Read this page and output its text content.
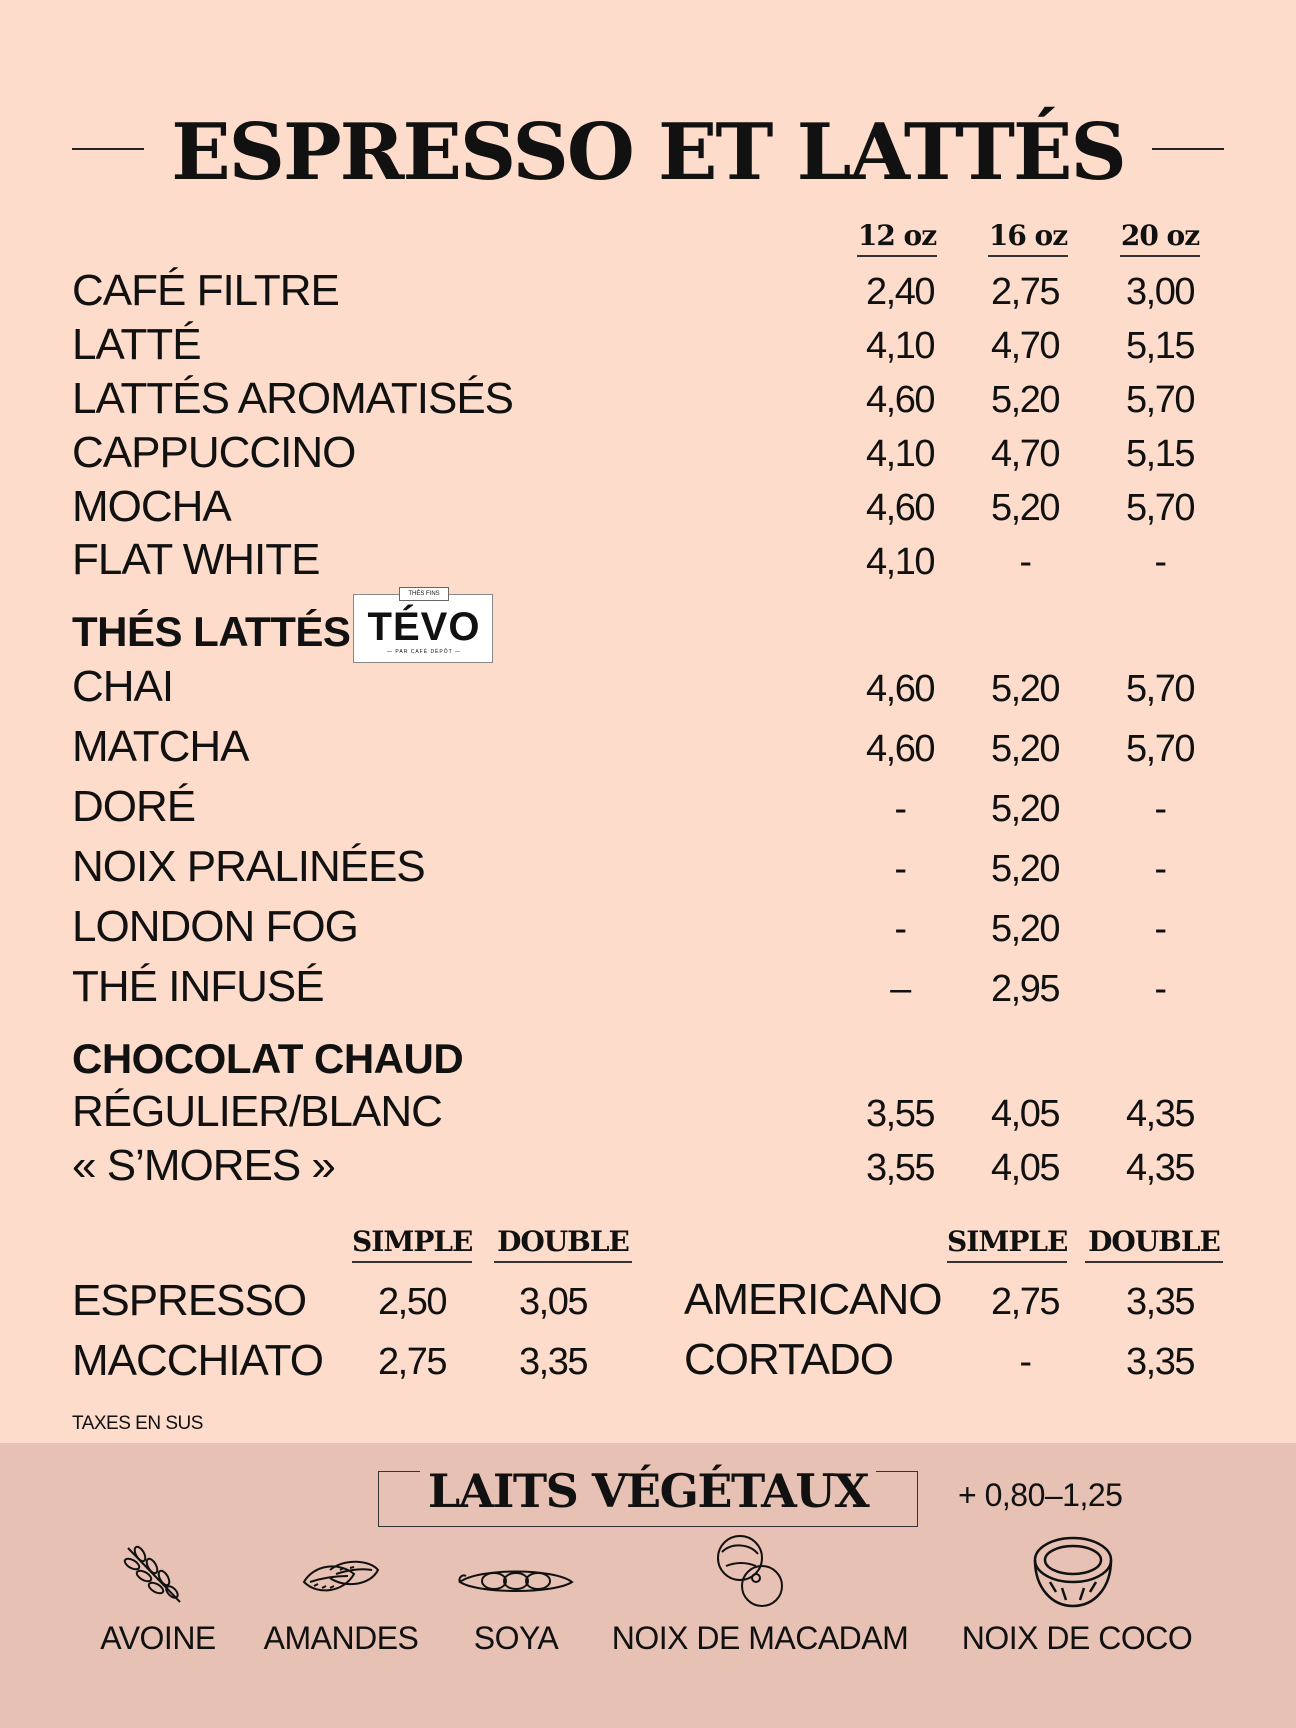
ESPRESSO ET LATTÉS
12 oz 16 oz 20 oz
CAFÉ FILTRE	2,40	2,75	3,00
LATTÉ	4,10	4,70	5,15
LATTÉS AROMATISÉS	4,60	5,20	5,70
CAPPUCCINO	4,10	4,70	5,15
MOCHA	4,60	5,20	5,70
FLAT WHITE	4,10	-	-
THÉS LATTÉS
THÉS FINS
TÉVO
— PAR CAFÉ DÉPÔT —
CHAI	4,60	5,20	5,70
MATCHA	4,60	5,20	5,70
DORÉ	-	5,20	-
NOIX PRALINÉES	-	5,20	-
LONDON FOG	-	5,20	-
THÉ INFUSÉ	–	2,95	-
CHOCOLAT CHAUD
RÉGULIER/BLANC	3,55	4,05	4,35
« S’MORES »	3,55	4,05	4,35
SIMPLE DOUBLE	SIMPLE DOUBLE
ESPRESSO	2,50	3,05
MACCHIATO	2,75	3,35
AMERICANO	2,75	3,35
CORTADO	-	3,35
TAXES EN SUS
LAITS VÉGÉTAUX	+ 0,80–1,25
AVOINE	AMANDES	SOYA	NOIX DE MACADAM	NOIX DE COCO
